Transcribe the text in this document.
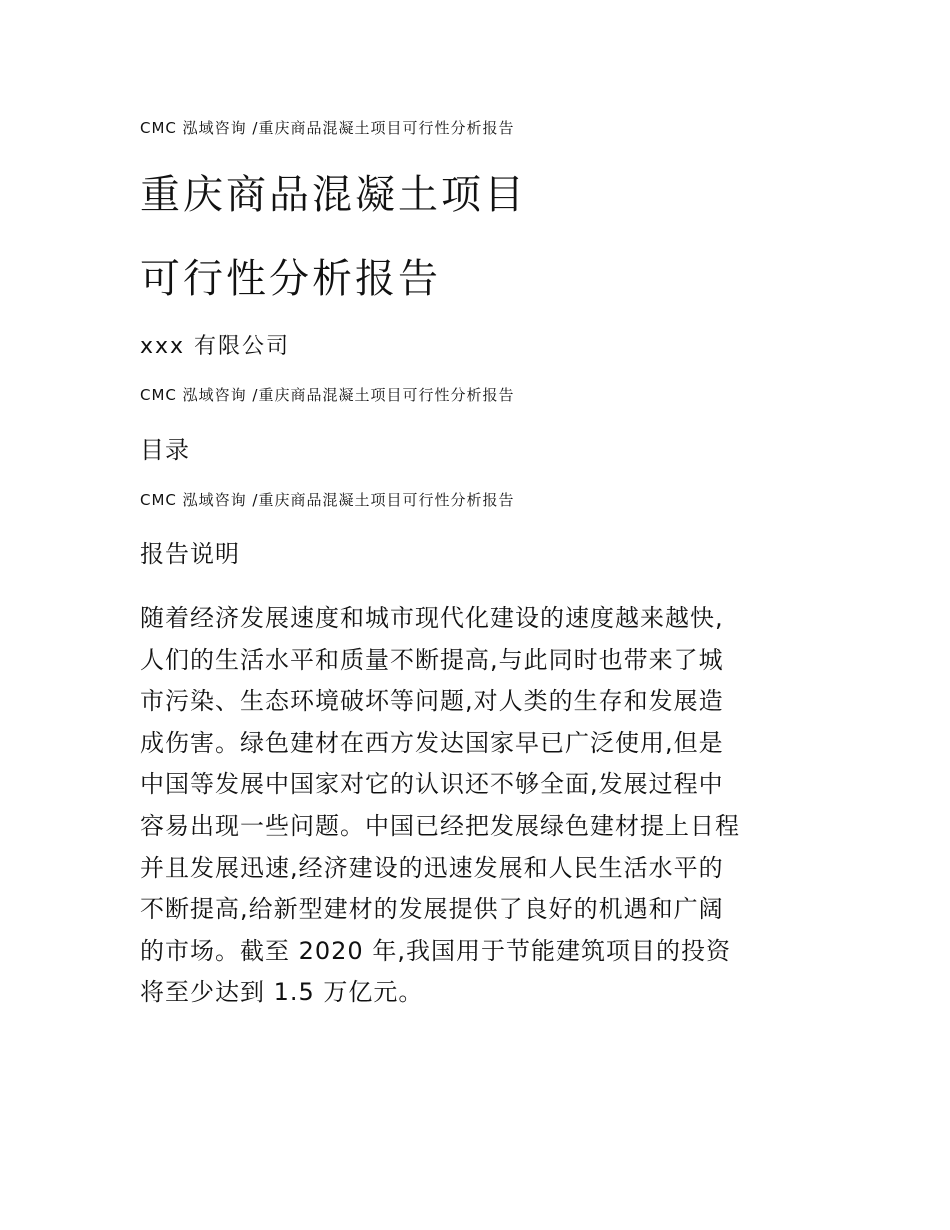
CMC 泓域咨询 /重庆商品混凝土项目可行性分析报告
重庆商品混凝土项目
可行性分析报告
xxx 有限公司
CMC 泓域咨询 /重庆商品混凝土项目可行性分析报告
目录
CMC 泓域咨询 /重庆商品混凝土项目可行性分析报告
报告说明
随着经济发展速度和城市现代化建设的速度越来越快,
人们的生活水平和质量不断提高,与此同时也带来了城
市污染、生态环境破坏等问题,对人类的生存和发展造
成伤害。绿色建材在西方发达国家早已广泛使用,但是
中国等发展中国家对它的认识还不够全面,发展过程中
容易出现一些问题。中国已经把发展绿色建材提上日程
并且发展迅速,经济建设的迅速发展和人民生活水平的
不断提高,给新型建材的发展提供了良好的机遇和广阔
的市场。截至 2020 年,我国用于节能建筑项目的投资
将至少达到 1.5 万亿元。
